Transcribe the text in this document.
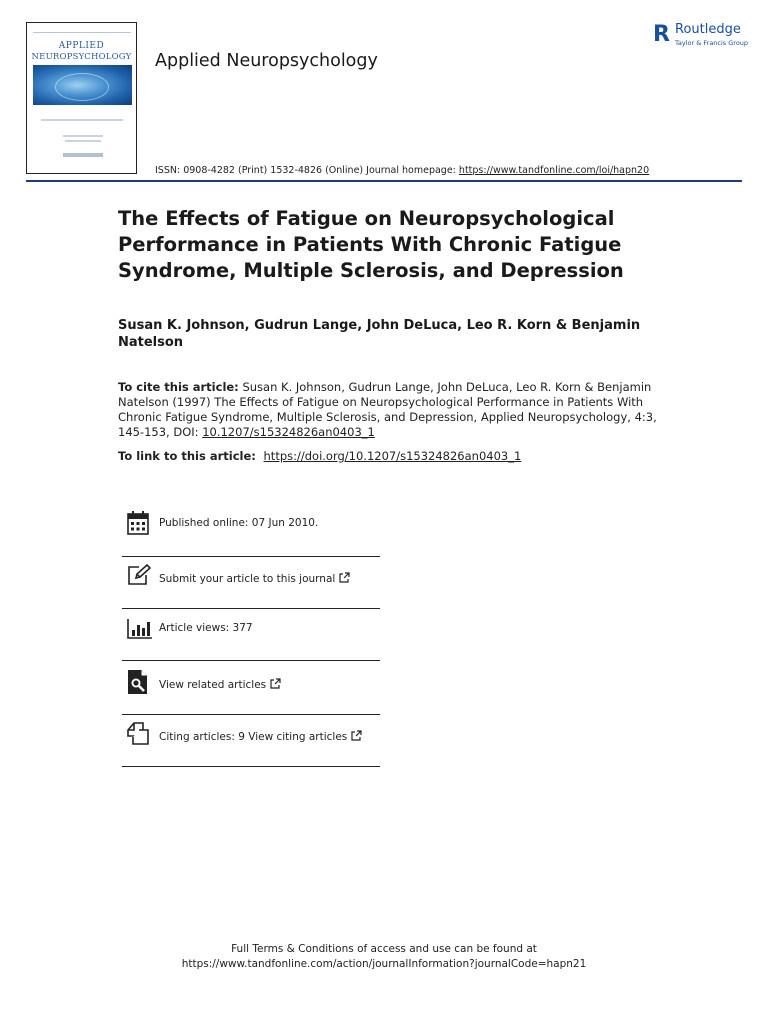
APPLIED
NEUROPSYCHOLOGY Applied Neuropsychology
R Routledge
Taylor & Francis Group
ISSN: 0908-4282 (Print) 1532-4826 (Online) Journal homepage: https://www.tandfonline.com/loi/hapn20
The Effects of Fatigue on Neuropsychological Performance in Patients With Chronic Fatigue Syndrome, Multiple Sclerosis, and Depression
Susan K. Johnson, Gudrun Lange, John DeLuca, Leo R. Korn & Benjamin Natelson
To cite this article: Susan K. Johnson, Gudrun Lange, John DeLuca, Leo R. Korn & Benjamin Natelson (1997) The Effects of Fatigue on Neuropsychological Performance in Patients With Chronic Fatigue Syndrome, Multiple Sclerosis, and Depression, Applied Neuropsychology, 4:3, 145-153, DOI: 10.1207/s15324826an0403_1
To link to this article: https://doi.org/10.1207/s15324826an0403_1
Published online: 07 Jun 2010.
Submit your article to this journal
Article views: 377
View related articles
Citing articles: 9 View citing articles
Full Terms & Conditions of access and use can be found at
https://www.tandfonline.com/action/journalInformation?journalCode=hapn21
